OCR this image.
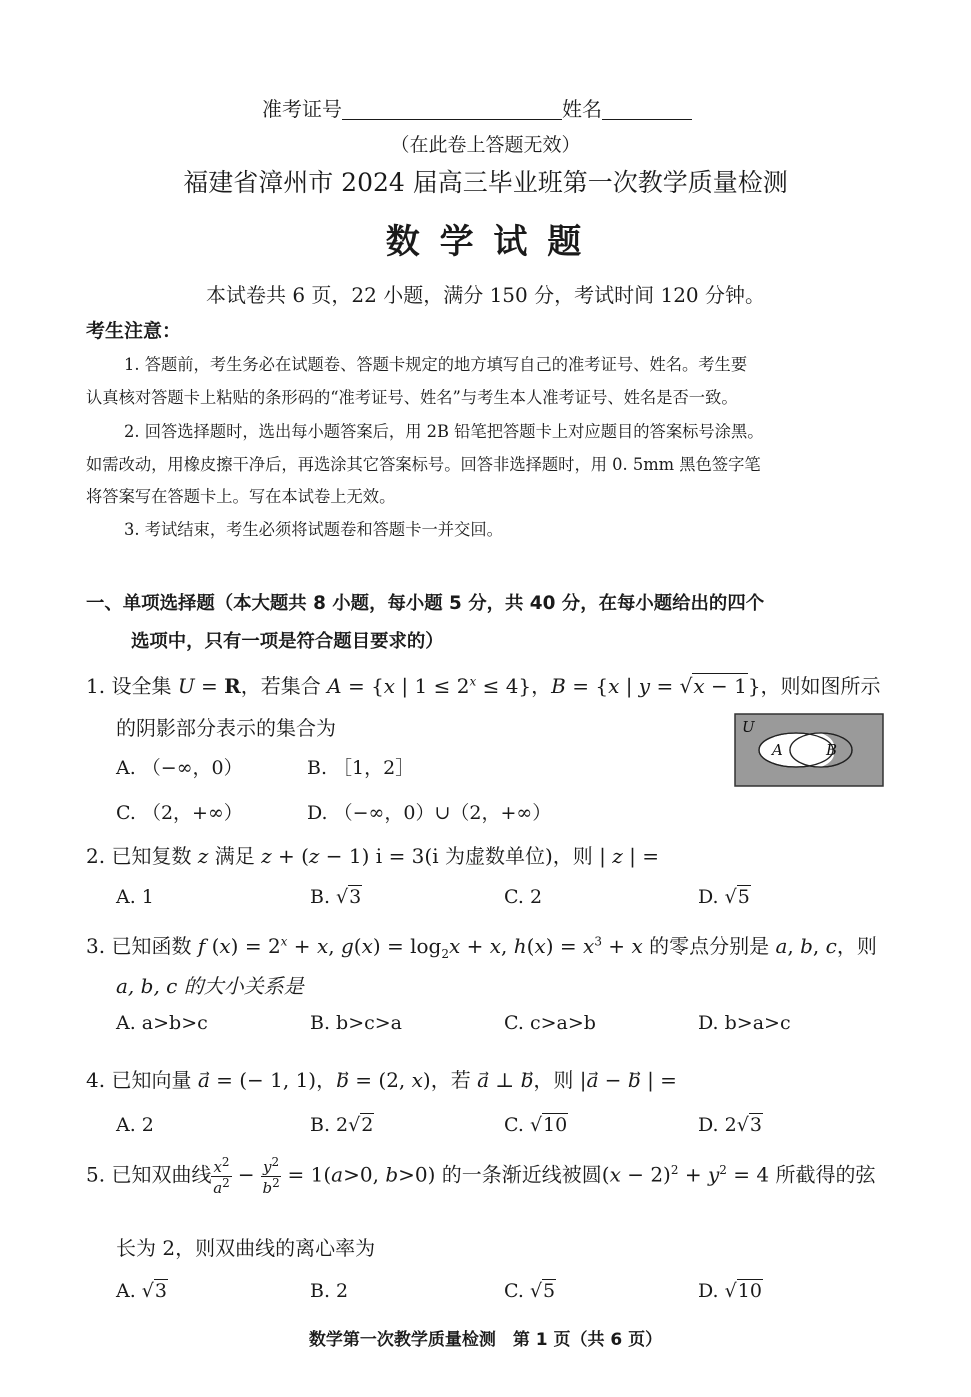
准考证号	姓名
（在此卷上答题无效）
福建省漳州市 2024 届高三毕业班第一次教学质量检测
数 学 试 题
本试卷共 6 页，22 小题，满分 150 分，考试时间 120 分钟。
考生注意：
1. 答题前，考生务必在试题卷、答题卡规定的地方填写自己的准考证号、姓名。考生要
认真核对答题卡上粘贴的条形码的“准考证号、姓名”与考生本人准考证号、姓名是否一致。
2. 回答选择题时，选出每小题答案后，用 2B 铅笔把答题卡上对应题目的答案标号涂黑。
如需改动，用橡皮擦干净后，再选涂其它答案标号。回答非选择题时，用 0. 5mm 黑色签字笔
将答案写在答题卡上。写在本试卷上无效。
3. 考试结束，考生必须将试题卷和答题卡一并交回。
一、单项选择题（本大题共 8 小题，每小题 5 分，共 40 分，在每小题给出的四个
选项中，只有一项是符合题目要求的）
1. 设全集 U = R，若集合 A = {x | $1 \le 2^x \le 4$}，B = {x | y = √x − 1}，则如图所示
的阴影部分表示的集合为
A. （−∞，0）	B. ［1，2］
C. （2，+∞）	D. （−∞，0）∪（2，+∞）
U
A	B
2. 已知复数 z 满足 z + (z − 1) i = 3(i 为虚数单位)，则 | z | =
A. 1	B. √3	C. 2	D. √5
3. 已知函数 f $(x) = 2^x + x$, $g(x) = \log_2x + x$, $h(x) = x^3 + x$ 的零点分别是 a, b, c，则
a, b, c 的大小关系是
A. a>b>c	B. b>c>a	C. c>a>b	D. b>a>c
4. 已知向量 a⃗ = (− 1, 1)，b⃗ = (2, x)，若 a⃗ ⊥ b⃗，则 |a⃗ − b⃗ | =
A. 2	B. 2√2	C. √10	D. 2√3
5. 已知双曲线 $\frac{x^2}{a^2} - \frac{y^2}{b^2} = 1(a>0$, b>0) 的一条渐近线被圆$(x - 2)^2 + y^2 = 4$ 所截得的弦
长为 2，则双曲线的离心率为
A. √3	B. 2	C. √5	D. √10
数学第一次教学质量检测　第 1 页（共 6 页）
